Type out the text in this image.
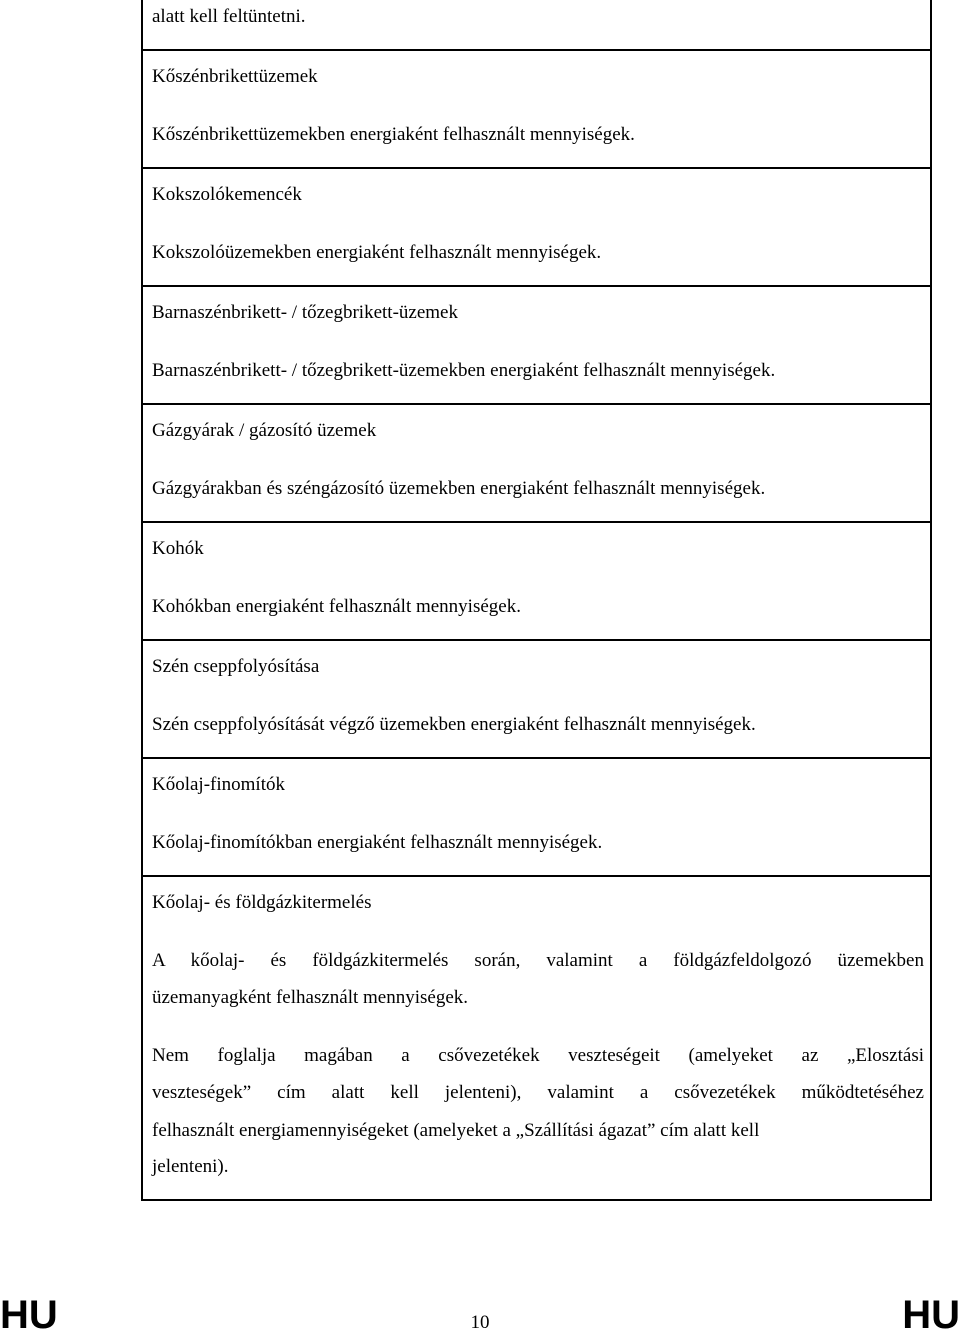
alatt kell feltüntetni.
Kőszénbrikettüzemek
Kőszénbrikettüzemekben energiaként felhasznált mennyiségek.
Kokszolókemencék
Kokszolóüzemekben energiaként felhasznált mennyiségek.
Barnaszénbrikett- / tőzegbrikett-üzemek
Barnaszénbrikett- / tőzegbrikett-üzemekben energiaként felhasznált mennyiségek.
Gázgyárak / gázosító üzemek
Gázgyárakban és széngázosító üzemekben energiaként felhasznált mennyiségek.
Kohók
Kohókban energiaként felhasznált mennyiségek.
Szén cseppfolyósítása
Szén cseppfolyósítását végző üzemekben energiaként felhasznált mennyiségek.
Kőolaj-finomítók
Kőolaj-finomítókban energiaként felhasznált mennyiségek.
Kőolaj- és földgázkitermelés
A kőolaj- és földgázkitermelés során, valamint a földgázfeldolgozó üzemekben
üzemanyagként felhasznált mennyiségek.
Nem foglalja magában a csővezetékek veszteségeit (amelyeket az „Elosztási
veszteségek” cím alatt kell jelenteni), valamint a csővezetékek működtetéséhez
felhasznált energiamennyiségeket (amelyeket a „Szállítási ágazat” cím alatt kell
jelenteni).
HU	10	HU
